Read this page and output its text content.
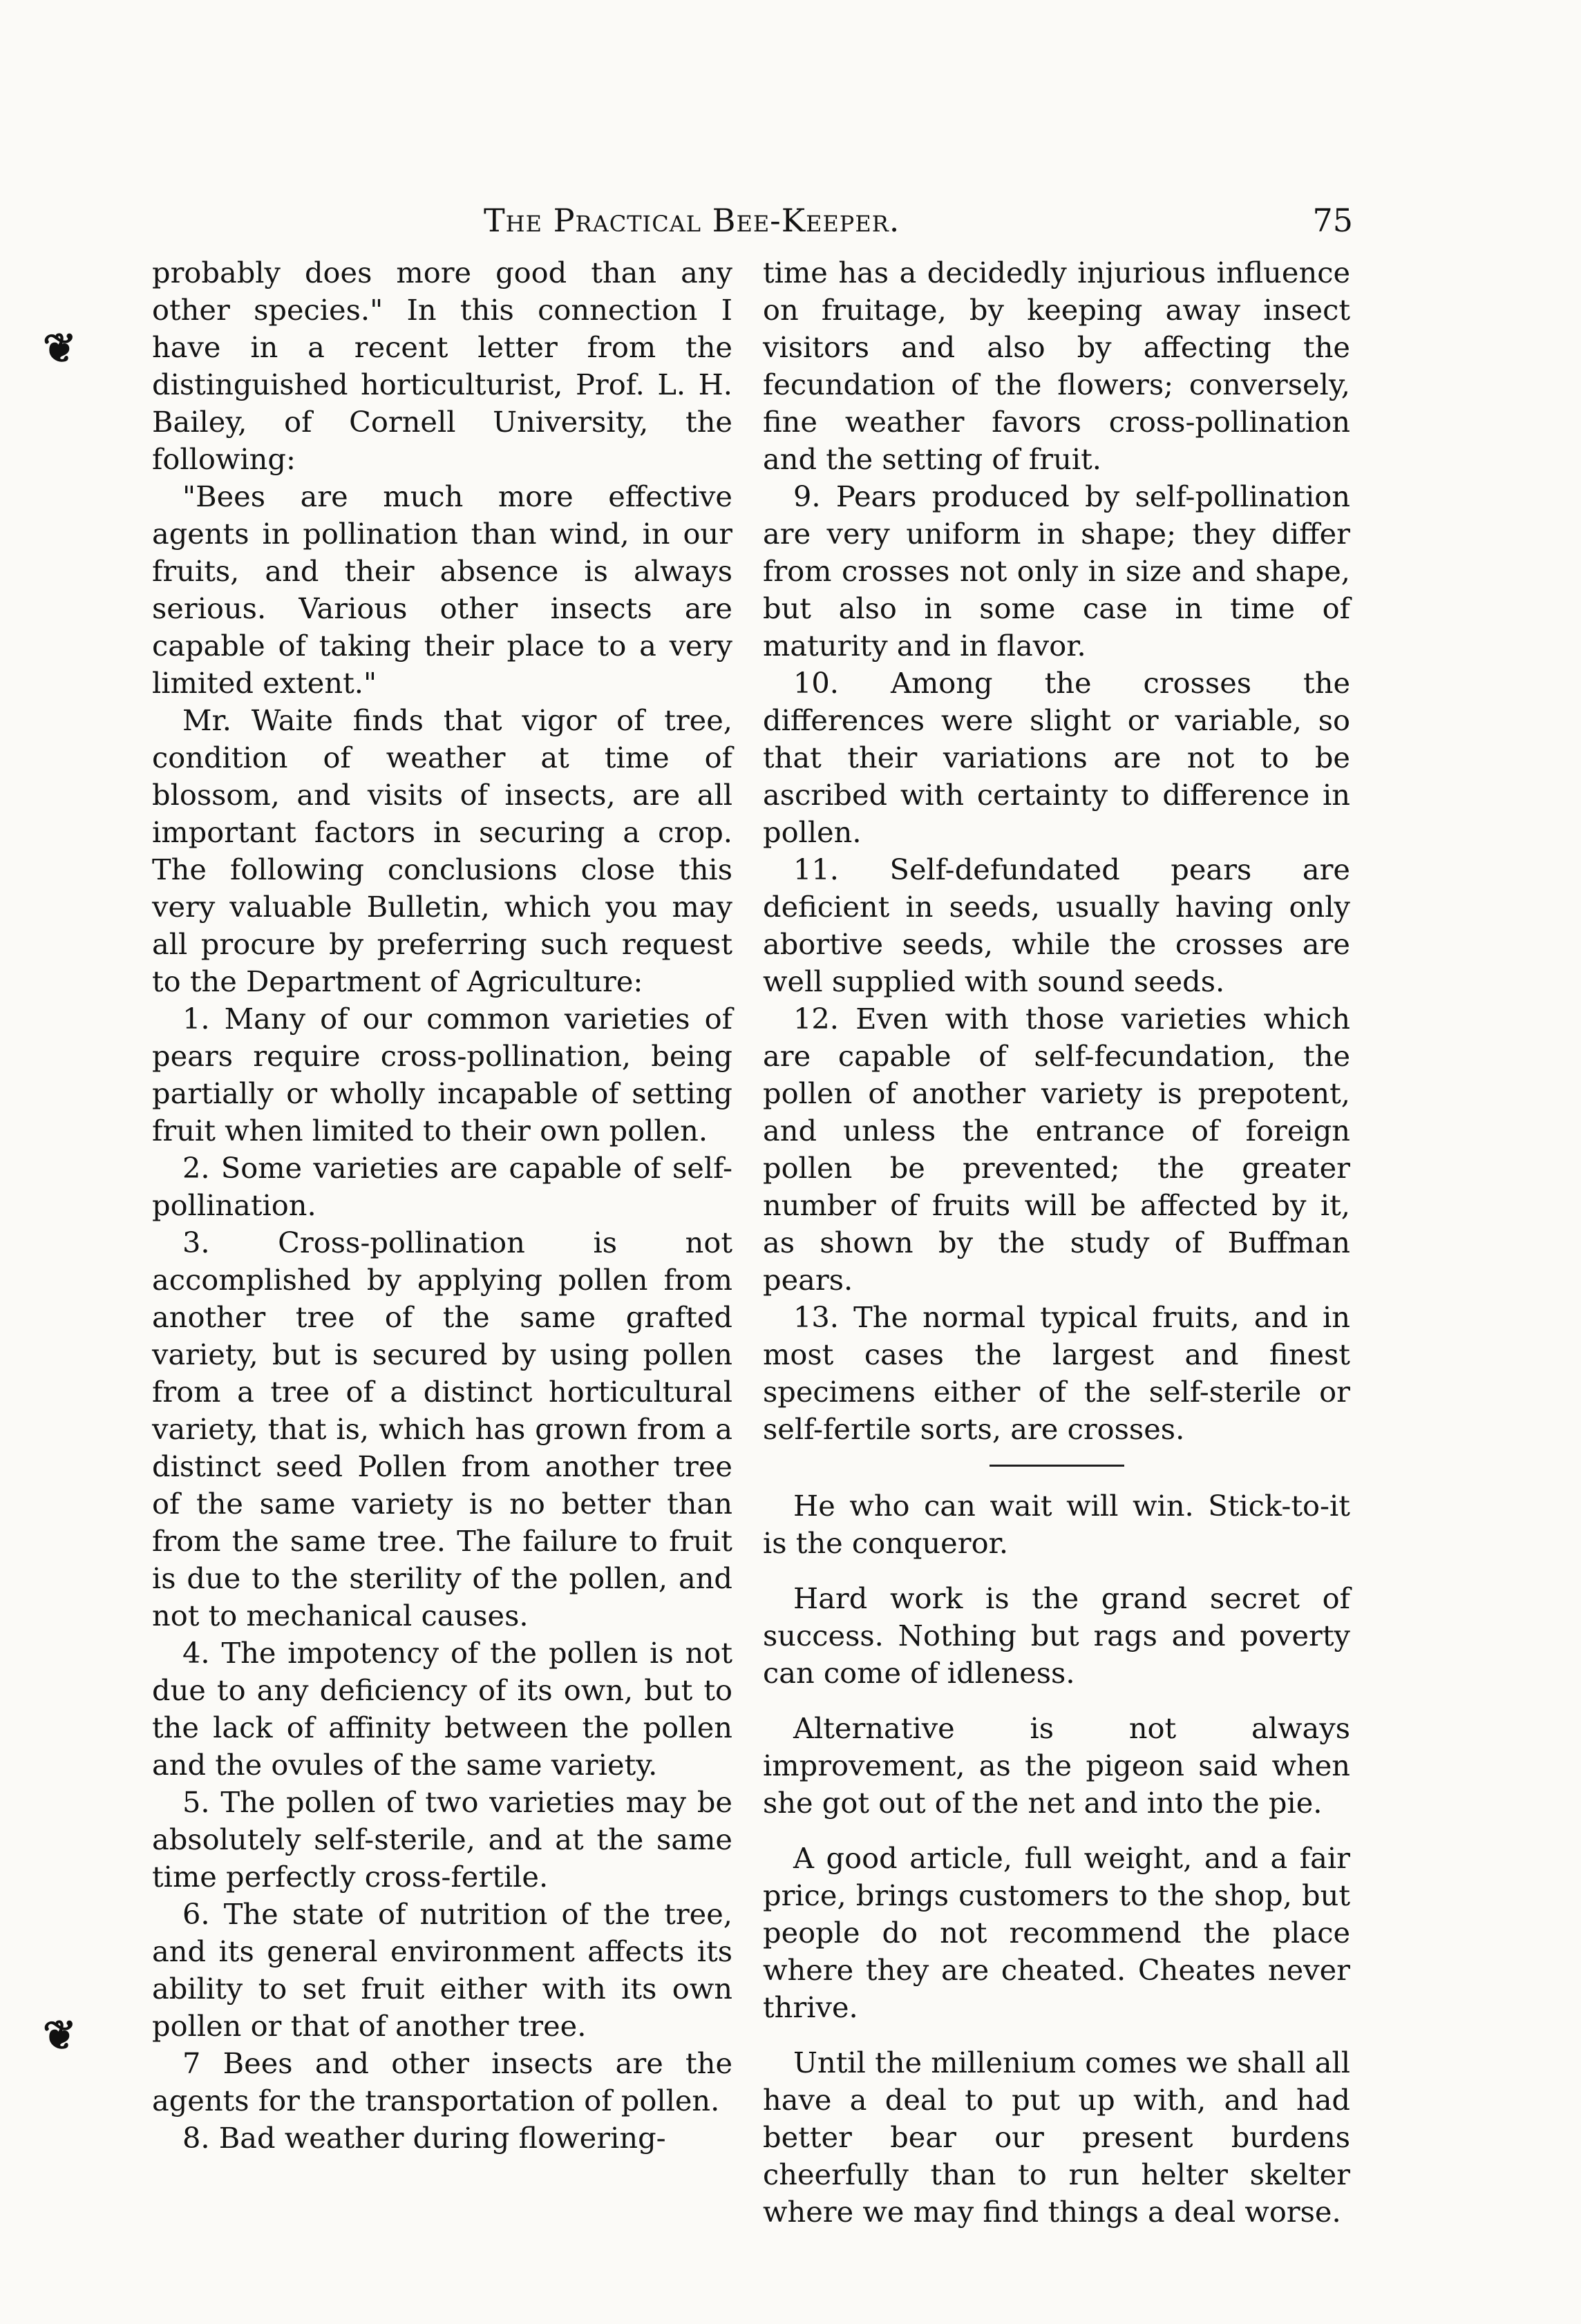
The Practical Bee-Keeper.	75
❦
❦

probably does more good than any other species." In this connection I have in a recent letter from the distinguished horticulturist, Prof. L. H. Bailey, of Cornell University, the following:

"Bees are much more effective agents in pollination than wind, in our fruits, and their absence is always serious. Various other insects are capable of taking their place to a very limited extent."

Mr. Waite finds that vigor of tree, condition of weather at time of blossom, and visits of insects, are all important factors in securing a crop. The following conclusions close this very valuable Bulletin, which you may all procure by preferring such request to the Department of Agriculture:

1. Many of our common varieties of pears require cross-pollination, being partially or wholly incapable of setting fruit when limited to their own pollen.

2. Some varieties are capable of self-pollination.

3. Cross-pollination is not accomplished by applying pollen from another tree of the same grafted variety, but is secured by using pollen from a tree of a distinct horticultural variety, that is, which has grown from a distinct seed Pollen from another tree of the same variety is no better than from the same tree. The failure to fruit is due to the sterility of the pollen, and not to mechanical causes.

4. The impotency of the pollen is not due to any deficiency of its own, but to the lack of affinity between the pollen and the ovules of the same variety.

5. The pollen of two varieties may be absolutely self-sterile, and at the same time perfectly cross-fertile.

6. The state of nutrition of the tree, and its general environment affects its ability to set fruit either with its own pollen or that of another tree.

7 Bees and other insects are the agents for the transportation of pollen.

8. Bad weather during flowering-

time has a decidedly injurious influence on fruitage, by keeping away insect visitors and also by affecting the fecundation of the flowers; conversely, fine weather favors cross-pollination and the setting of fruit.

9. Pears produced by self-pollination are very uniform in shape; they differ from crosses not only in size and shape, but also in some case in time of maturity and in flavor.

10. Among the crosses the differences were slight or variable, so that their variations are not to be ascribed with certainty to difference in pollen.

11. Self-defundated pears are deficient in seeds, usually having only abortive seeds, while the crosses are well supplied with sound seeds.

12. Even with those varieties which are capable of self-fecundation, the pollen of another variety is prepotent, and unless the entrance of foreign pollen be prevented; the greater number of fruits will be affected by it, as shown by the study of Buffman pears.

13. The normal typical fruits, and in most cases the largest and finest specimens either of the self-sterile or self-fertile sorts, are crosses.

He who can wait will win. Stick-to-it is the conqueror.

Hard work is the grand secret of success. Nothing but rags and poverty can come of idleness.

Alternative is not always improvement, as the pigeon said when she got out of the net and into the pie.

A good article, full weight, and a fair price, brings customers to the shop, but people do not recommend the place where they are cheated. Cheates never thrive.

Until the millenium comes we shall all have a deal to put up with, and had better bear our present burdens cheerfully than to run helter skelter where we may find things a deal worse.
